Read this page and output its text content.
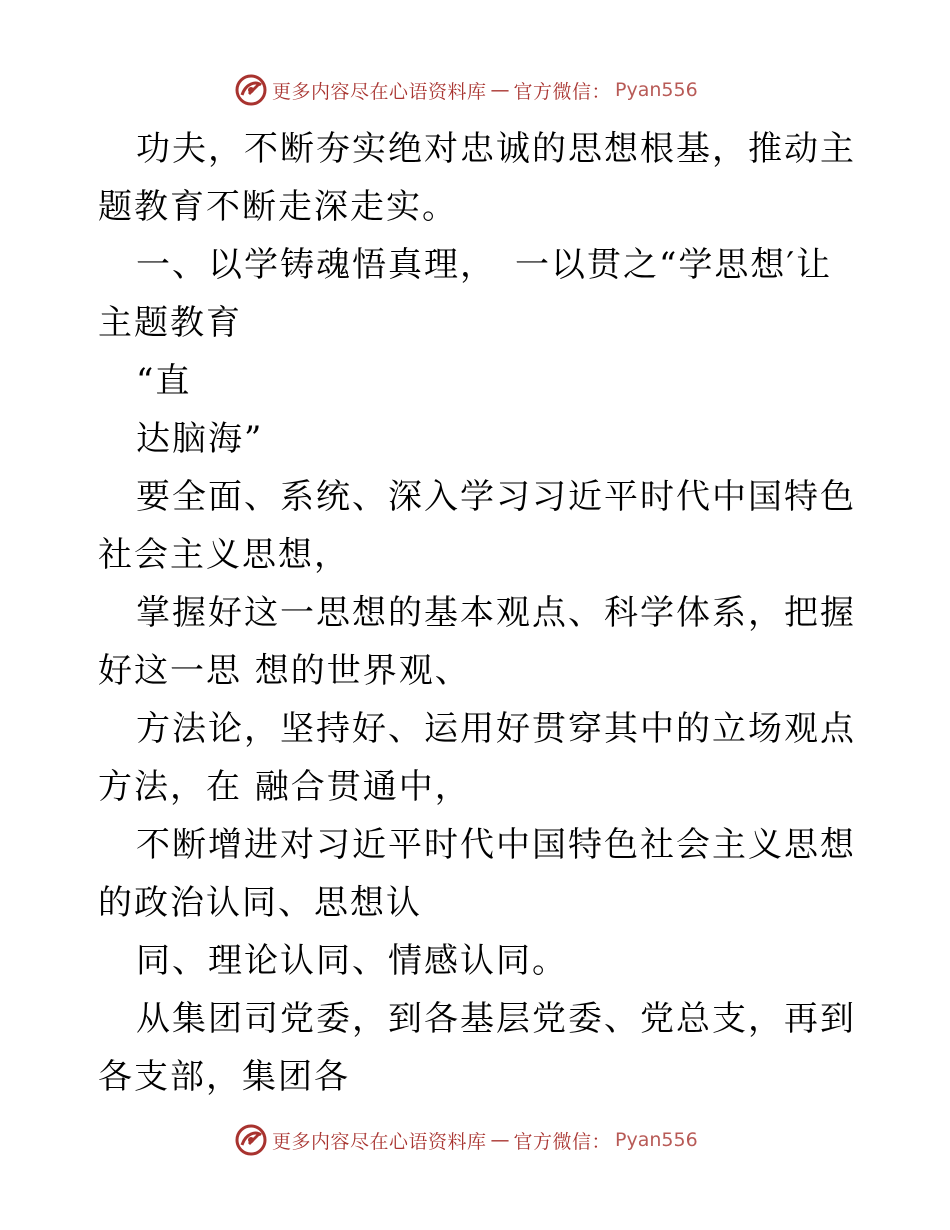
更多内容尽在心语资料库 — 官方微信： Pyan556

功夫，不断夯实绝对忠诚的思想根基，推动主题教育不断走深走实。

一、以学铸魂悟真理，　一以贯之“学思想′让主题教育

“直

达脑海”

要全面、系统、深入学习习近平时代中国特色社会主义思想，

掌握好这一思想的基本观点、科学体系，把握好这一思 想的世界观、

方法论，坚持好、运用好贯穿其中的立场观点方法，在 融合贯通中，

不断增进对习近平时代中国特色社会主义思想的政治认同、思想认

同、理论认同、情感认同。

从集团司党委，到各基层党委、党总支，再到各支部，集团各

更多内容尽在心语资料库 — 官方微信： Pyan556
